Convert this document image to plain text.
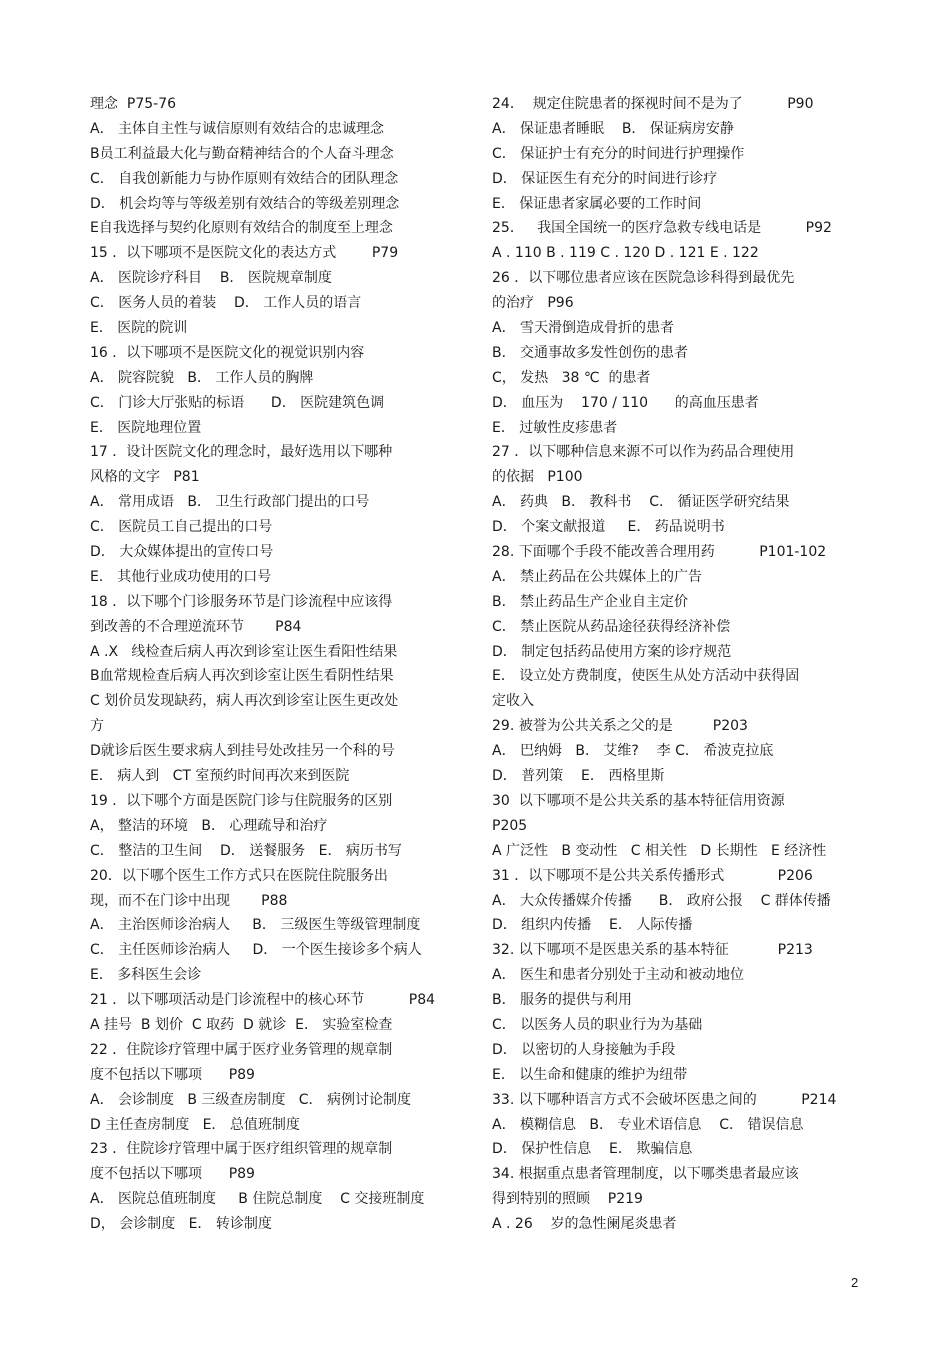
理念  P75-76
A． 主体自主性与诚信原则有效结合的忠诚理念
B员工利益最大化与勤奋精神结合的个人奋斗理念
C． 自我创新能力与协作原则有效结合的团队理念
D． 机会均等与等级差别有效结合的等级差别理念
E自我选择与契约化原则有效结合的制度至上理念
15 ．以下哪项不是医院文化的表达方式        P79
A． 医院诊疗科目    B． 医院规章制度
C． 医务人员的着装    D． 工作人员的语言
E． 医院的院训
16 ．以下哪项不是医院文化的视觉识别内容
A． 院容院貌   B． 工作人员的胸牌
C． 门诊大厅张贴的标语      D． 医院建筑色调
E． 医院地理位置
17 ．设计医院文化的理念时，最好选用以下哪种
风格的文字   P81
A． 常用成语   B． 卫生行政部门提出的口号
C． 医院员工自己提出的口号
D． 大众媒体提出的宣传口号
E． 其他行业成功使用的口号
18 ．以下哪个门诊服务环节是门诊流程中应该得
到改善的不合理逆流环节       P84
A .X   线检查后病人再次到诊室让医生看阳性结果
B血常规检查后病人再次到诊室让医生看阴性结果
C 划价员发现缺药，病人再次到诊室让医生更改处
方
D就诊后医生要求病人到挂号处改挂另一个科的号
E． 病人到   CT 室预约时间再次来到医院
19 ．以下哪个方面是医院门诊与住院服务的区别
A， 整洁的环境   B． 心理疏导和治疗
C． 整洁的卫生间    D． 送餐服务   E． 病历书写
20．以下哪个医生工作方式只在医院住院服务出
现，而不在门诊中出现       P88
A． 主治医师诊治病人     B． 三级医生等级管理制度
C． 主任医师诊治病人     D． 一个医生接诊多个病人
E． 多科医生会诊
21 ．以下哪项活动是门诊流程中的核心环节          P84
A 挂号  B 划价  C 取药  D 就诊  E． 实验室检查
22 ．住院诊疗管理中属于医疗业务管理的规章制
度不包括以下哪项      P89
A． 会诊制度   B 三级查房制度   C． 病例讨论制度
D 主任查房制度   E． 总值班制度
23 ．住院诊疗管理中属于医疗组织管理的规章制
度不包括以下哪项      P89
A． 医院总值班制度     B 住院总制度    C 交接班制度
D， 会诊制度   E． 转诊制度
24．  规定住院患者的探视时间不是为了          P90
A． 保证患者睡眠    B． 保证病房安静
C． 保证护士有充分的时间进行护理操作
D． 保证医生有充分的时间进行诊疗
E． 保证患者家属必要的工作时间
25．   我国全国统一的医疗急救专线电话是          P92
A . 110 B . 119 C . 120 D . 121 E . 122
26 ．以下哪位患者应该在医院急诊科得到最优先
的治疗   P96
A． 雪天滑倒造成骨折的患者
B． 交通事故多发性创伤的患者
C， 发热   38 ℃  的患者
D． 血压为    170 / 110      的高血压患者
E． 过敏性皮疹患者
27 ．以下哪种信息来源不可以作为药品合理使用
的依据   P100
A． 药典   B． 教科书    C． 循证医学研究结果
D． 个案文献报道     E． 药品说明书
28. 下面哪个手段不能改善合理用药          P101-102
A． 禁止药品在公共媒体上的广告
B． 禁止药品生产企业自主定价
C． 禁止医院从药品途径获得经济补偿
D． 制定包括药品使用方案的诊疗规范
E． 设立处方费制度，使医生从处方活动中获得固
定收入
29. 被誉为公共关系之父的是         P203
A． 巴纳姆   B． 艾维?    李 C． 希波克拉底
D． 普列策    E． 西格里斯
30  以下哪项不是公共关系的基本特征信用资源
P205
A 广泛性   B 变动性   C 相关性   D 长期性   E 经济性
31 ．以下哪项不是公共关系传播形式            P206
A． 大众传播媒介传播      B． 政府公报    C 群体传播
D． 组织内传播    E． 人际传播
32. 以下哪项不是医患关系的基本特征           P213
A． 医生和患者分别处于主动和被动地位
B． 服务的提供与利用
C． 以医务人员的职业行为为基础
D． 以密切的人身接触为手段
E． 以生命和健康的维护为纽带
33. 以下哪种语言方式不会破坏医患之间的          P214
A． 模糊信息   B． 专业术语信息    C． 错误信息
D． 保护性信息    E． 欺骗信息
34. 根据重点患者管理制度，以下哪类患者最应该
得到特别的照顾    P219
A . 26    岁的急性阑尾炎患者
2
